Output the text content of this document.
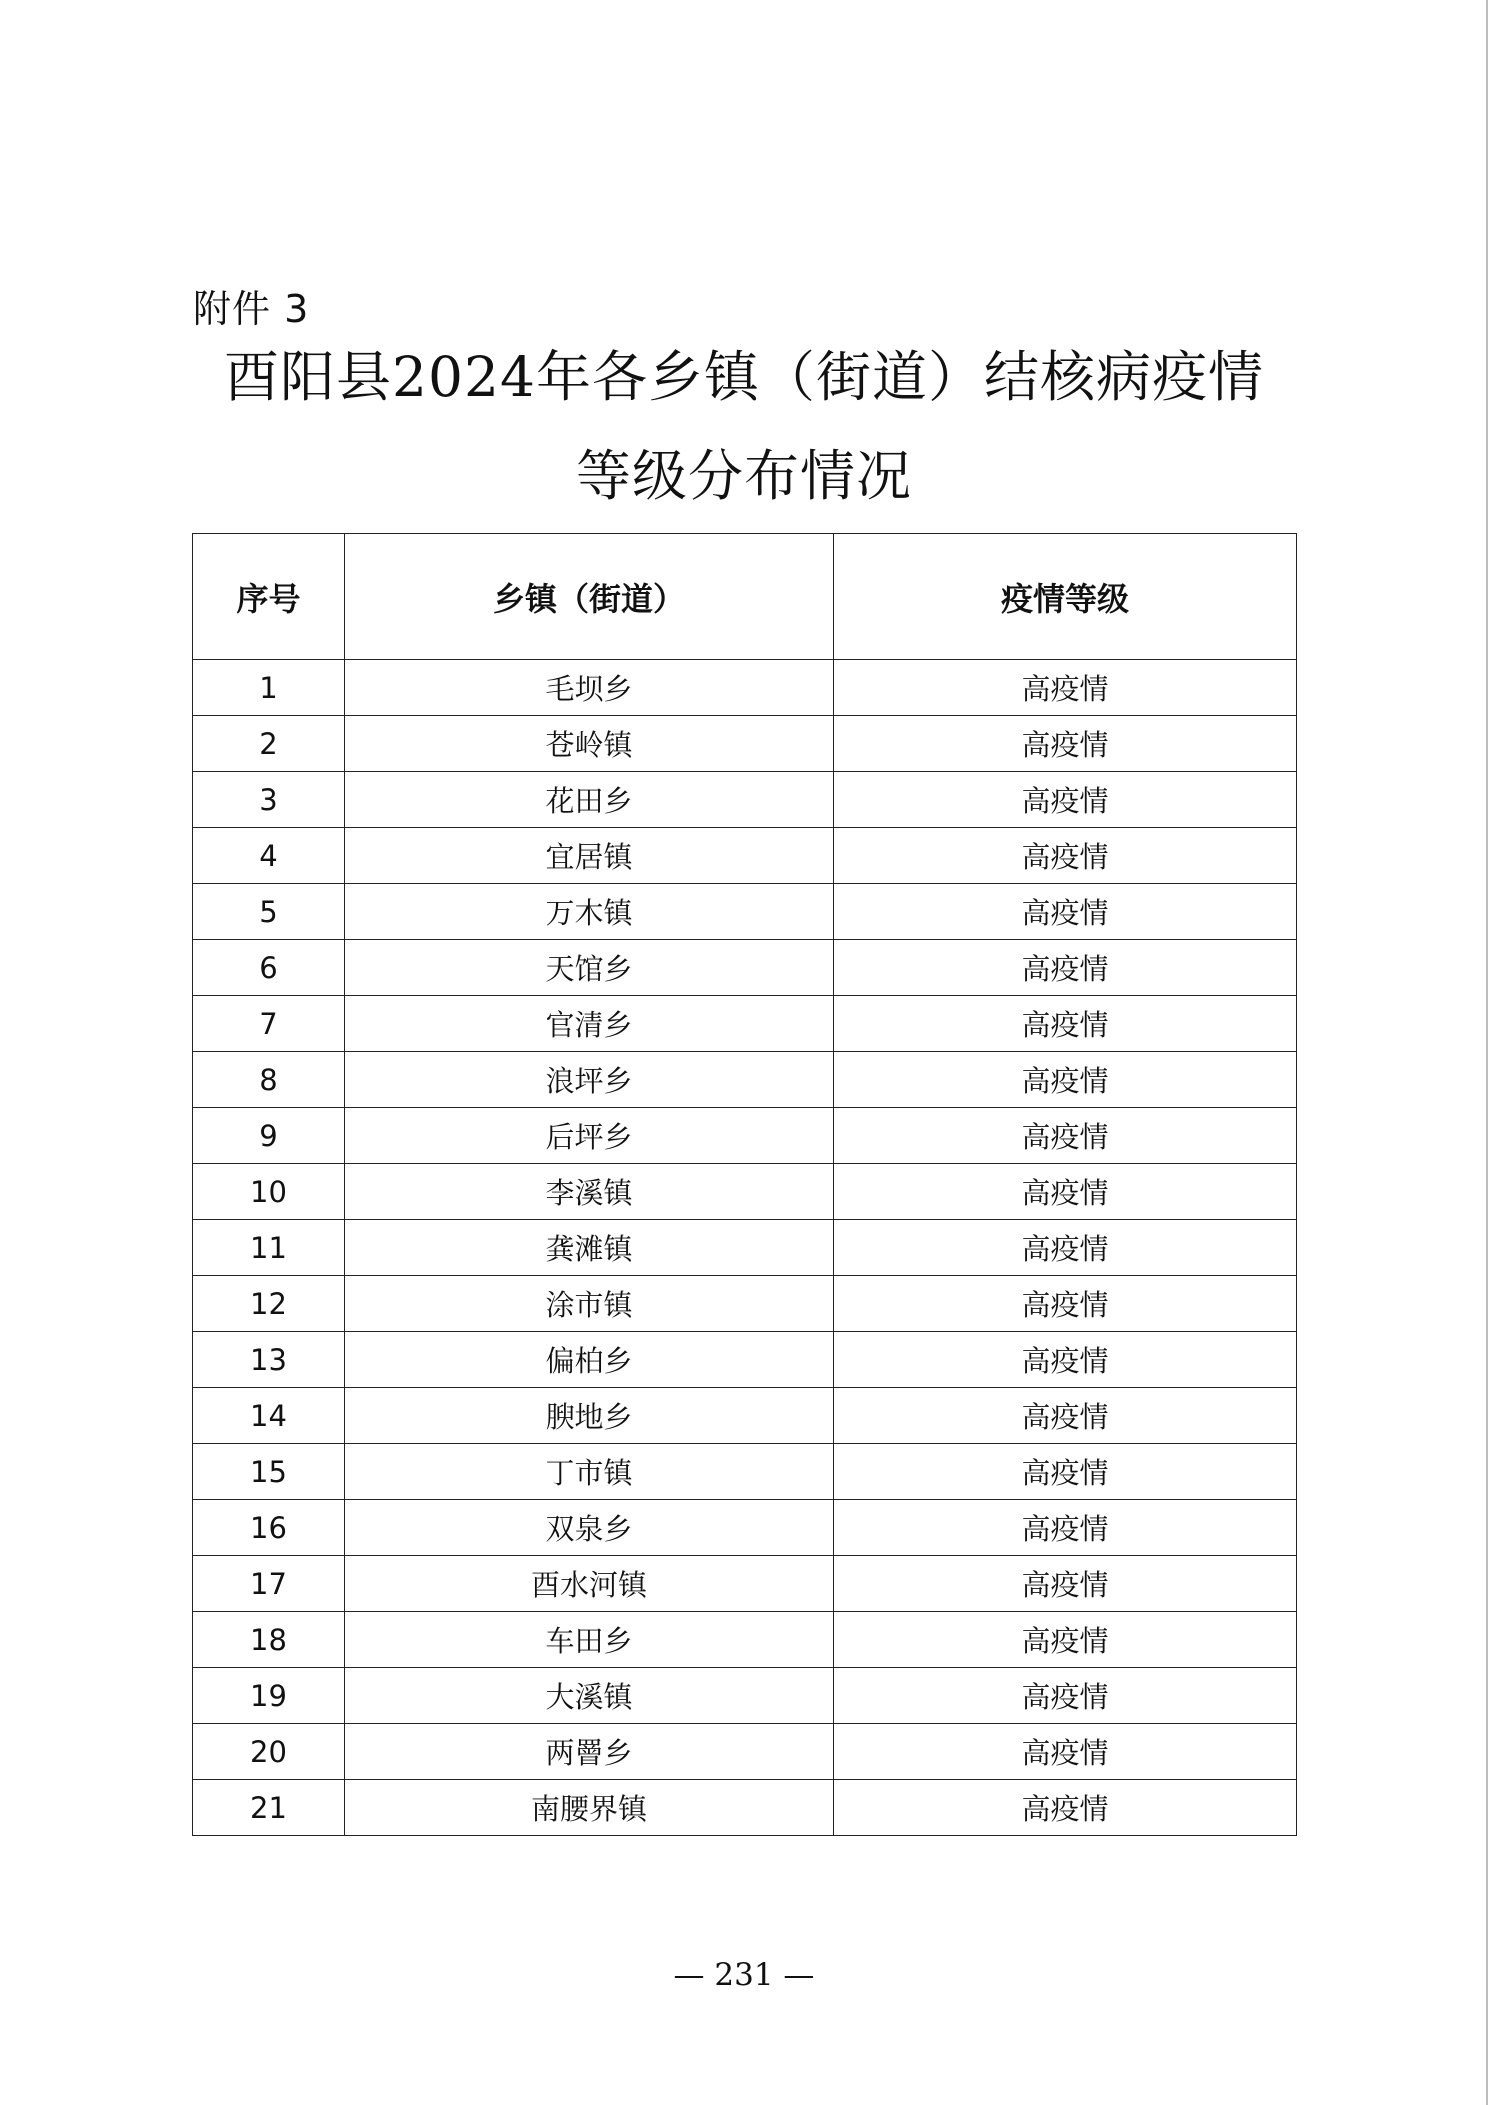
附件 3
酉阳县2024年各乡镇（街道）结核病疫情
等级分布情况
序号	乡镇（街道）	疫情等级
1	毛坝乡	高疫情
2	苍岭镇	高疫情
3	花田乡	高疫情
4	宜居镇	高疫情
5	万木镇	高疫情
6	天馆乡	高疫情
7	官清乡	高疫情
8	浪坪乡	高疫情
9	后坪乡	高疫情
10	李溪镇	高疫情
11	龚滩镇	高疫情
12	涂市镇	高疫情
13	偏柏乡	高疫情
14	腴地乡	高疫情
15	丁市镇	高疫情
16	双泉乡	高疫情
17	酉水河镇	高疫情
18	车田乡	高疫情
19	大溪镇	高疫情
20	两罾乡	高疫情
21	南腰界镇	高疫情
— 231 —
